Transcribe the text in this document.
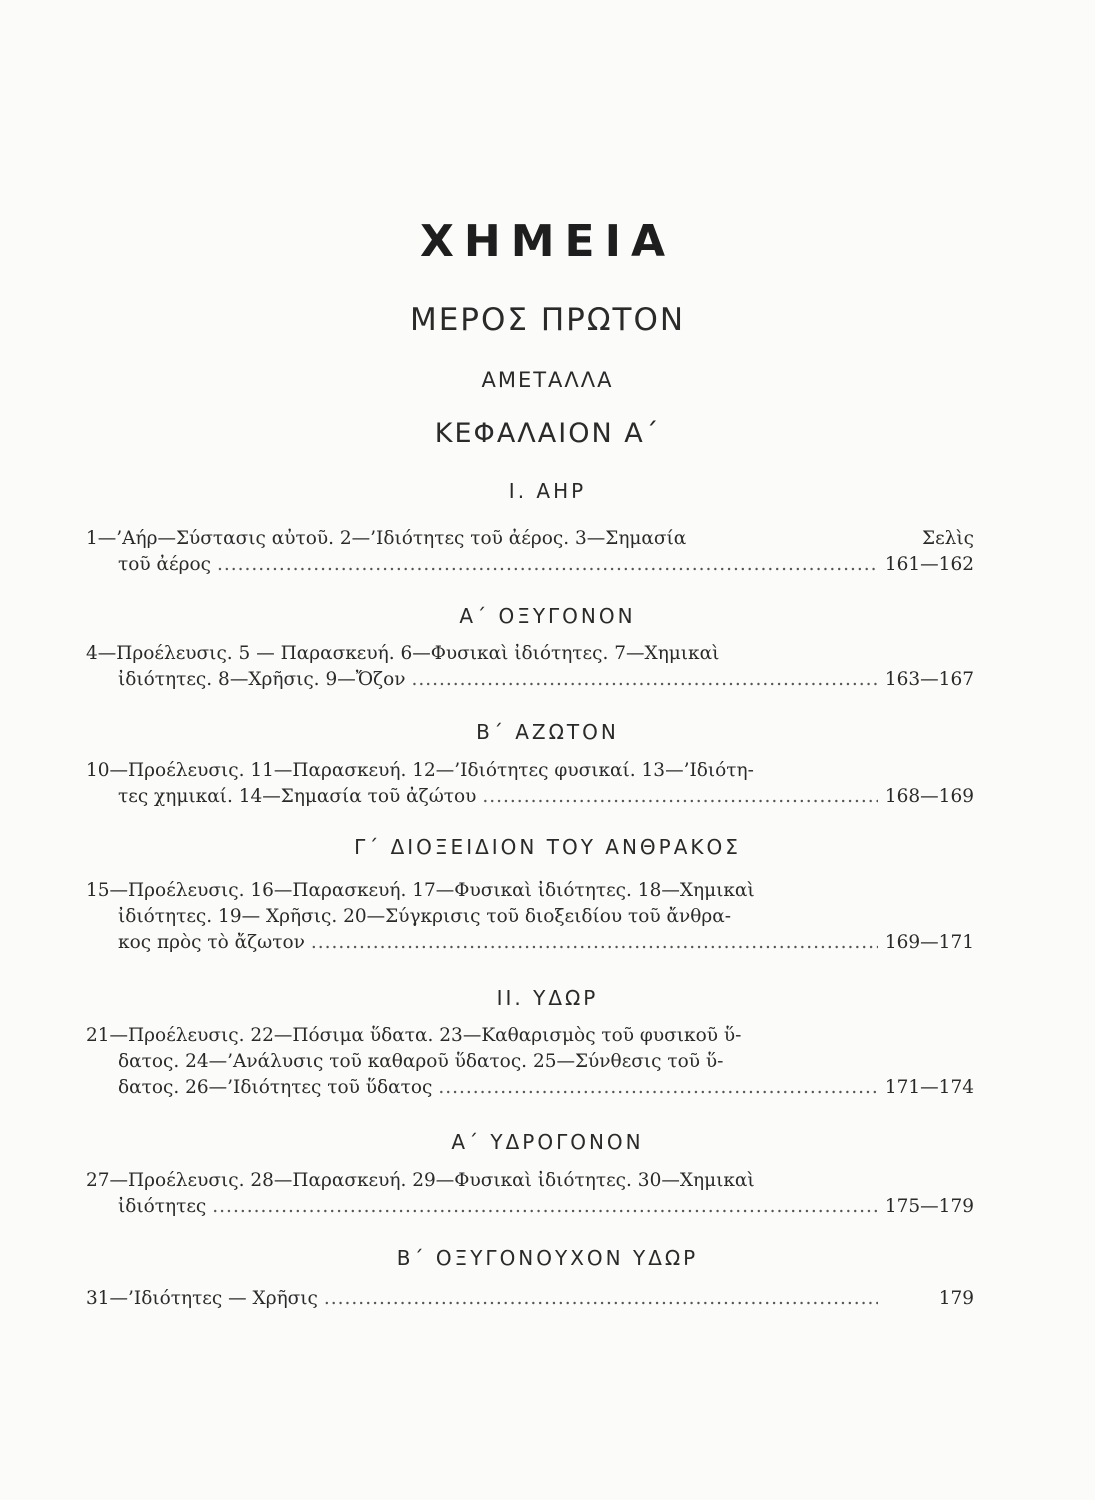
ΧΗΜΕΙΑ
ΜΕΡΟΣ ΠΡΩΤΟΝ
ΑΜΕΤΑΛΛΑ
ΚΕΦΑΛΑΙΟΝ Α΄
Ι. ΑΗΡ
1—’Αήρ—Σύστασις αὐτοῦ. 2—’Ιδιότητες τοῦ ἀέρος. 3—Σημασία	Σελὶς
τοῦ ἀέρος .....	161—162
Α΄ ΟΞΥΓΟΝΟΝ
4—Προέλευσις. 5 — Παρασκευή. 6—Φυσικαὶ ἰδιότητες. 7—Χημικαὶ
ἰδιότητες. 8—Χρῆσις. 9—Ὄζον .....	163—167
Β΄ ΑΖΩΤΟΝ
10—Προέλευσις. 11—Παρασκευή. 12—’Ιδιότητες φυσικαί. 13—’Ιδιότη-
τες χημικαί. 14—Σημασία τοῦ ἀζώτου .....	168—169
Γ΄ ΔΙΟΞΕΙΔΙΟΝ ΤΟΥ ΑΝΘΡΑΚΟΣ
15—Προέλευσις. 16—Παρασκευή. 17—Φυσικαὶ ἰδιότητες. 18—Χημικαὶ
ἰδιότητες. 19— Χρῆσις. 20—Σύγκρισις τοῦ διοξειδίου τοῦ ἄνθρα-
κος πρὸς τὸ ἄζωτον .....	169—171
ΙΙ. ΥΔΩΡ
21—Προέλευσις. 22—Πόσιμα ὕδατα. 23—Καθαρισμὸς τοῦ φυσικοῦ ὕ-
δατος. 24—’Ανάλυσις τοῦ καθαροῦ ὕδατος. 25—Σύνθεσις τοῦ ὕ-
δατος. 26—’Ιδιότητες τοῦ ὕδατος .....	171—174
Α΄ ΥΔΡΟΓΟΝΟΝ
27—Προέλευσις. 28—Παρασκευή. 29—Φυσικαὶ ἰδιότητες. 30—Χημικαὶ
ἰδιότητες .....	175—179
Β΄ ΟΞΥΓΟΝΟΥΧΟΝ ΥΔΩΡ
31—’Ιδιότητες — Χρῆσις .....	179
